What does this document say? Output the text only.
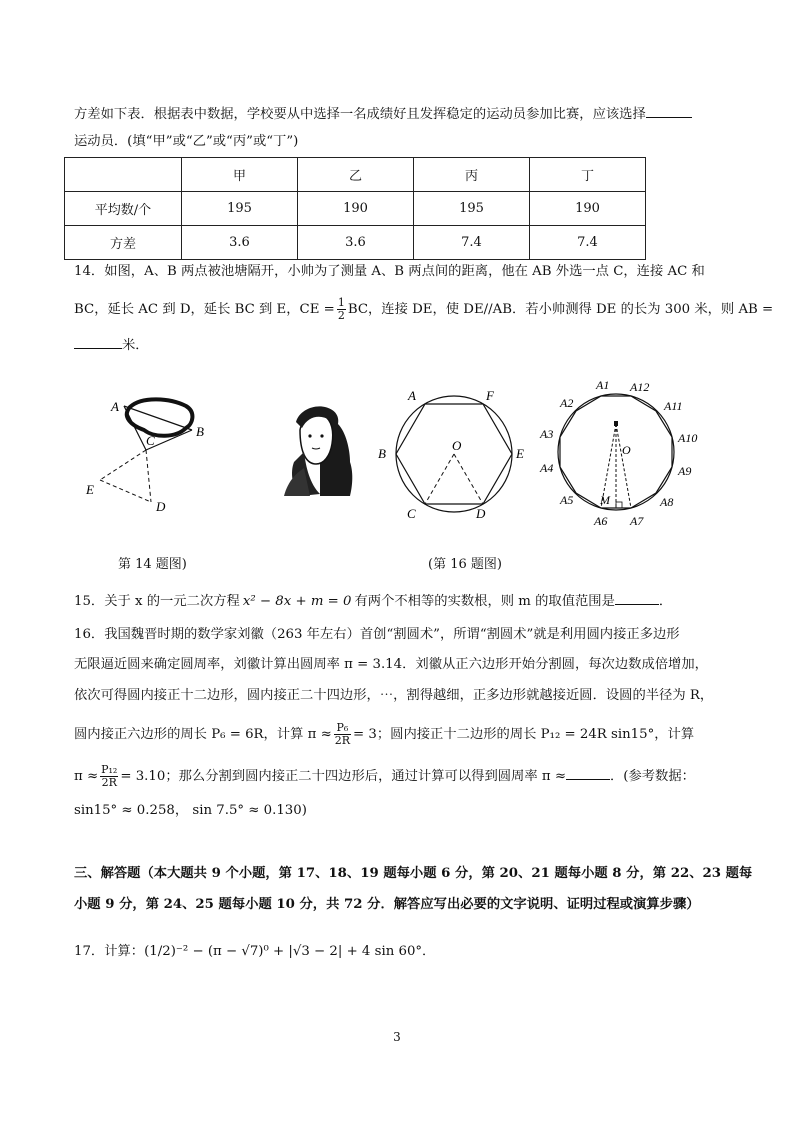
方差如下表．根据表中数据，学校要从中选择一名成绩好且发挥稳定的运动员参加比赛，应该选择
运动员．(填“甲”或“乙”或“丙”或“丁”)
	甲	乙	丙	丁
平均数/个	195	190	195	190
方差	3.6	3.6	7.4	7.4
14．如图，A、B 两点被池塘隔开，小帅为了测量 A、B 两点间的距离，他在 AB 外选一点 C，连接 AC 和
BC，延长 AC 到 D，延长 BC 到 E，CE = $\frac{1}{2}$ BC，连接 DE，使 DE//AB．若小帅测得 DE 的长为 300 米，则 AB =
米．
A
B
C
D
E
A	F
B	E
O
C	D
A1 A12
A2	A11
A3	A10
A4	A9
A5	A8
A6 A7
O
M
第 14 题图)	(第 16 题图)
15．关于 x 的一元二次方程 x² − 8x + m = 0 有两个不相等的实数根，则 m 的取值范围是	．
16．我国魏晋时期的数学家刘徽（263 年左右）首创“割圆术”，所谓“割圆术”就是利用圆内接正多边形
无限逼近圆来确定圆周率，刘徽计算出圆周率 π = 3.14．刘徽从正六边形开始分割圆，每次边数成倍增加，
依次可得圆内接正十二边形，圆内接正二十四边形，⋯，割得越细，正多边形就越接近圆．设圆的半径为 R，
圆内接正六边形的周长 P₆ = 6R，计算 $\pi \approx \frac{\text{P₆}}{2R} = 3$；圆内接正十二边形的周长 P₁₂ = 24R sin15°，计算
$\pi \approx \frac{\text{P₁₂}}{2R} = 3.10$；那么分割到圆内接正二十四边形后，通过计算可以得到圆周率 π ≈	．(参考数据：
sin15° ≈ 0.258， sin 7.5° ≈ 0.130)
三、解答题（本大题共 9 个小题，第 17、18、19 题每小题 6 分，第 20、21 题每小题 8 分，第 22、23 题每
小题 9 分，第 24、25 题每小题 10 分，共 72 分．解答应写出必要的文字说明、证明过程或演算步骤）
17．计算：(1/2)⁻² − (π − √7)⁰ + |√3 − 2| + 4 sin 60°．
3
